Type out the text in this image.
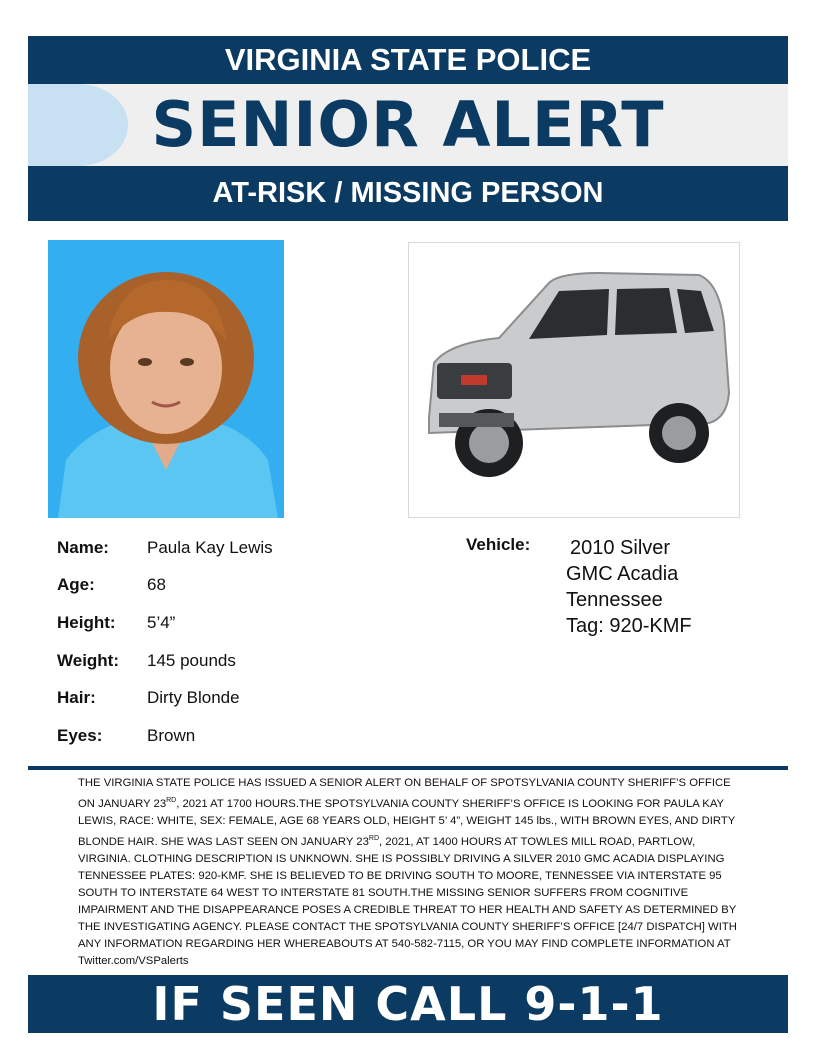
VIRGINIA STATE POLICE
SENIOR ALERT
AT-RISK / MISSING PERSON
Name: Paula Kay Lewis
Age:	68
Height: 5’4”
Weight: 145 pounds
Hair:	Dirty Blonde
Eyes:	Brown
Vehicle: 2010 Silver
GMC Acadia
Tennessee
Tag: 920-KMF
THE VIRGINIA STATE POLICE HAS ISSUED A SENIOR ALERT ON BEHALF OF SPOTSYLVANIA COUNTY SHERIFF’S OFFICE ON JANUARY 23RD, 2021 AT 1700 HOURS.THE SPOTSYLVANIA COUNTY SHERIFF’S OFFICE IS LOOKING FOR PAULA KAY LEWIS, RACE: WHITE, SEX: FEMALE, AGE 68 YEARS OLD, HEIGHT 5’ 4”, WEIGHT 145 lbs., WITH BROWN EYES, AND DIRTY BLONDE HAIR. SHE WAS LAST SEEN ON JANUARY 23RD, 2021, AT 1400 HOURS AT TOWLES MILL ROAD, PARTLOW, VIRGINIA. CLOTHING DESCRIPTION IS UNKNOWN. SHE IS POSSIBLY DRIVING A SILVER 2010 GMC ACADIA DISPLAYING TENNESSEE PLATES: 920-KMF. SHE IS BELIEVED TO BE DRIVING SOUTH TO MOORE, TENNESSEE VIA INTERSTATE 95 SOUTH TO INTERSTATE 64 WEST TO INTERSTATE 81 SOUTH.THE MISSING SENIOR SUFFERS FROM COGNITIVE IMPAIRMENT AND THE DISAPPEARANCE POSES A CREDIBLE THREAT TO HER HEALTH AND SAFETY AS DETERMINED BY THE INVESTIGATING AGENCY. PLEASE CONTACT THE SPOTSYLVANIA COUNTY SHERIFF’S OFFICE [24/7 DISPATCH] WITH ANY INFORMATION REGARDING HER WHEREABOUTS AT 540-582-7115, OR YOU MAY FIND COMPLETE INFORMATION AT Twitter.com/VSPalerts
IF SEEN CALL 9-1-1
